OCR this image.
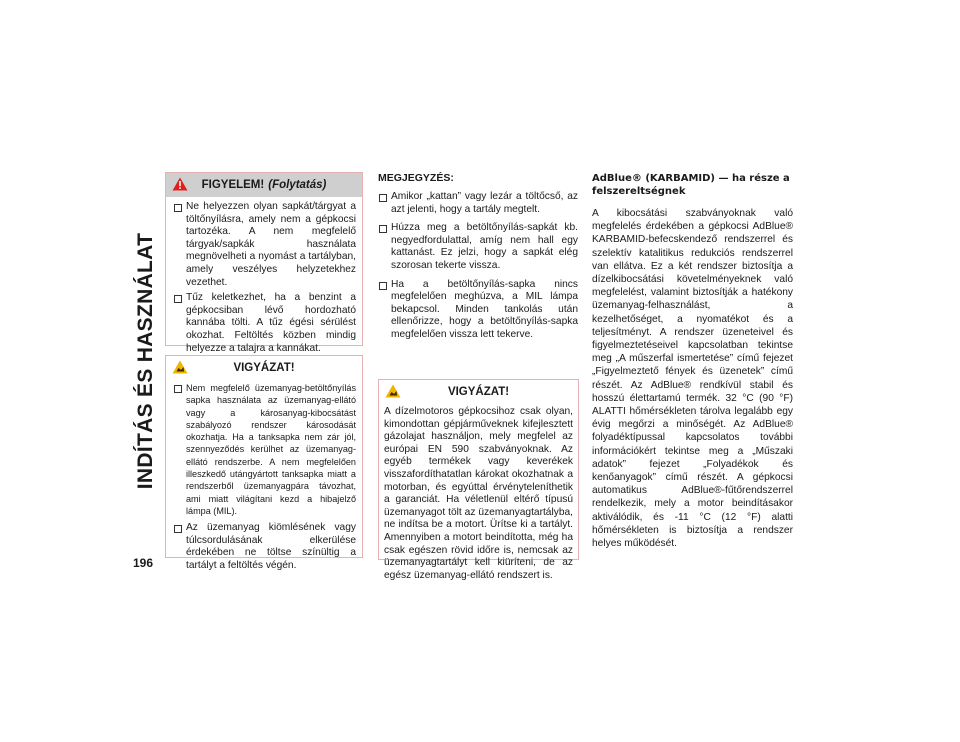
INDÍTÁS ÉS HASZNÁLAT
196
FIGYELEM! (Folytatás)
Ne helyezzen olyan sapkát/tárgyat a töltőnyílásra, amely nem a gépkocsi tartozéka. A nem megfelelő tárgyak/sapkák használata megnövelheti a nyomást a tartályban, amely veszélyes helyzetekhez vezethet.
Tűz keletkezhet, ha a benzint a gépkocsiban lévő hordozható kannába tölti. A tűz égési sérülést okozhat. Feltöltés közben mindig helyezze a talajra a kannákat.
VIGYÁZAT!
Nem megfelelő üzemanyag-betöltőnyílás sapka használata az üzemanyag-ellátó vagy a károsanyag-kibocsátást szabályozó rendszer károsodását okozhatja. Ha a tanksapka nem zár jól, szennyeződés kerülhet az üzemanyag-ellátó rendszerbe. A nem megfelelően illeszkedő utángyártott tanksapka miatt a rendszerből üzemanyagpára távozhat, ami miatt világítani kezd a hibajelző lámpa (MIL).
Az üzemanyag kiömlésének vagy túlcsordulásának elkerülése érdekében ne töltse színültig a tartályt a feltöltés végén.
MEGJEGYZÉS:
Amikor „kattan” vagy lezár a töltőcső, az azt jelenti, hogy a tartály megtelt.
Húzza meg a betöltőnyílás-sapkát kb. negyedfordulattal, amíg nem hall egy kattanást. Ez jelzi, hogy a sapkát elég szorosan tekerte vissza.
Ha a betöltőnyílás-sapka nincs megfelelően meghúzva, a MIL lámpa bekapcsol. Minden tankolás után ellenőrizze, hogy a betöltőnyílás-sapka megfelelően vissza lett tekerve.
VIGYÁZAT!

A dízelmotoros gépkocsihoz csak olyan, kimondottan gépjárműveknek kifejlesztett gázolajat használjon, mely megfelel az európai EN 590 szabványoknak. Az egyéb termékek vagy keverékek visszafordíthatatlan károkat okozhatnak a motorban, és egyúttal érvényteleníthetik a garanciát. Ha véletlenül eltérő típusú üzemanyagot tölt az üzemanyagtartályba, ne indítsa be a motort. Ürítse ki a tartályt. Amennyiben a motort beindította, még ha csak egészen rövid időre is, nemcsak az üzemanyagtartályt kell kiüríteni, de az egész üzemanyag-ellátó rendszert is.

AdBlue® (KARBAMID) — ha része a
felszereltségnek

A kibocsátási szabványoknak való megfelelés érdekében a gépkocsi AdBlue® KARBAMID-befecskendező rendszerrel és szelektív katalitikus redukciós rendszerrel van ellátva. Ez a két rendszer biztosítja a dízelkibocsátási követelményeknek való megfelelést, valamint biztosítják a hatékony üzemanyag-felhasználást, a kezelhetőséget, a nyomatékot és a teljesítményt. A rendszer üzeneteivel és figyelmeztetéseivel kapcsolatban tekintse meg „A műszerfal ismertetése” című fejezet „Figyelmeztető fények és üzenetek” című részét. Az AdBlue® rendkívül stabil és hosszú élettartamú termék. 32 °C (90 °F) ALATTI hőmérsékleten tárolva legalább egy évig megőrzi a minőségét. Az AdBlue® folyadéktípussal kapcsolatos további információkért tekintse meg a „Műszaki adatok” fejezet „Folyadékok és kenőanyagok” című részét. A gépkocsi automatikus AdBlue®-fűtőrendszerrel rendelkezik, mely a motor beindításakor aktiválódik, és -11 °C (12 °F) alatti hőmérsékleten is biztosítja a rendszer helyes működését.
